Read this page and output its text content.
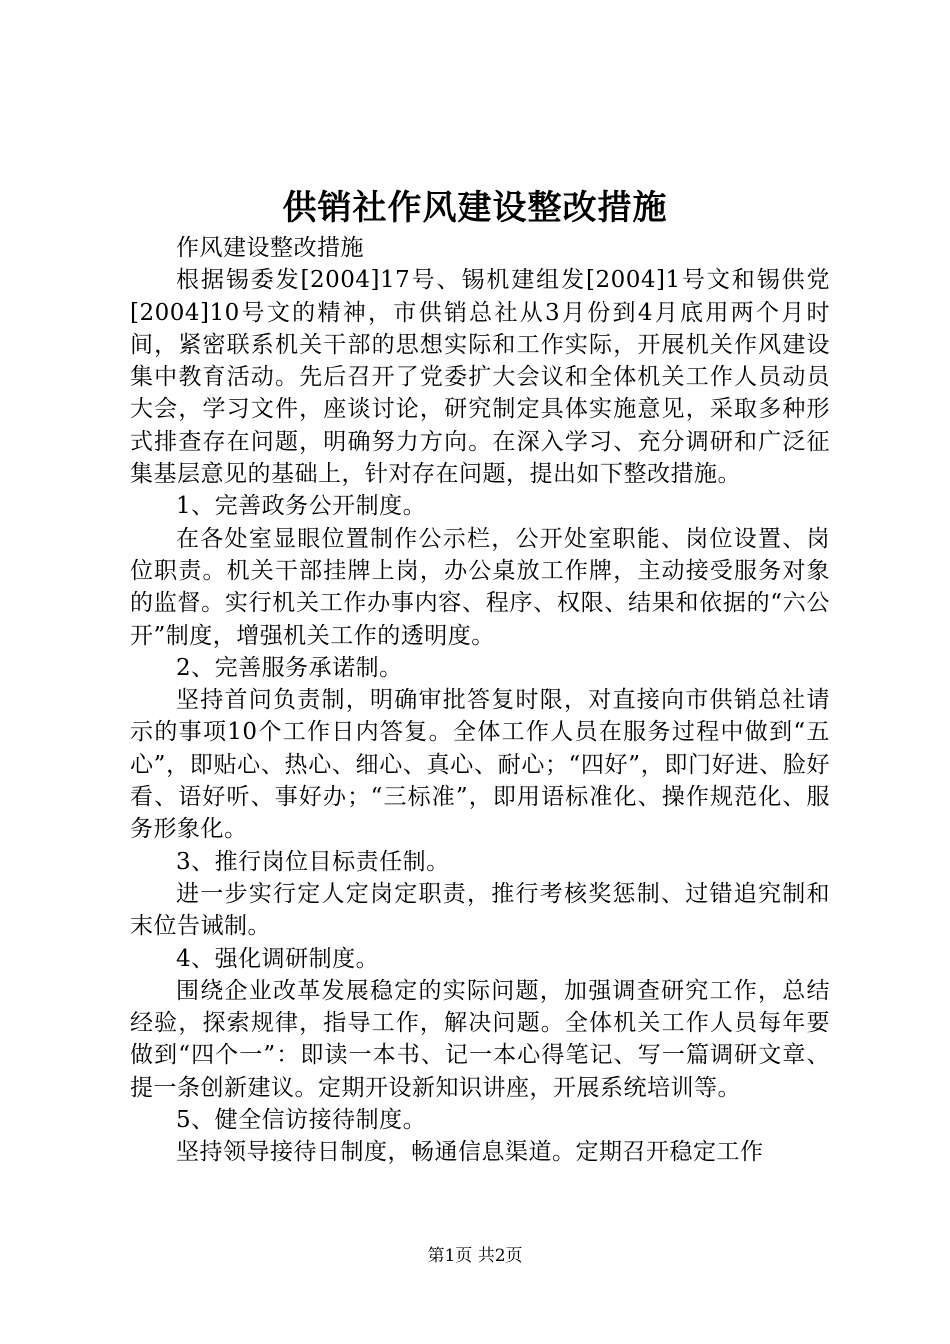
供销社作风建设整改措施

作风建设整改措施

根据锡委发[2004]17号、锡机建组发[2004]1号文和锡供党[2004]10号文的精神，市供销总社从3月份到4月底用两个月时间，紧密联系机关干部的思想实际和工作实际，开展机关作风建设集中教育活动。先后召开了党委扩大会议和全体机关工作人员动员大会，学习文件，座谈讨论，研究制定具体实施意见，采取多种形式排查存在问题，明确努力方向。在深入学习、充分调研和广泛征集基层意见的基础上，针对存在问题，提出如下整改措施。

1、完善政务公开制度。

在各处室显眼位置制作公示栏，公开处室职能、岗位设置、岗位职责。机关干部挂牌上岗，办公桌放工作牌，主动接受服务对象的监督。实行机关工作办事内容、程序、权限、结果和依据的“六公开”制度，增强机关工作的透明度。

2、完善服务承诺制。

坚持首问负责制，明确审批答复时限，对直接向市供销总社请示的事项10个工作日内答复。全体工作人员在服务过程中做到“五心”，即贴心、热心、细心、真心、耐心；“四好”，即门好进、脸好看、语好听、事好办；“三标准”，即用语标准化、操作规范化、服务形象化。

3、推行岗位目标责任制。

进一步实行定人定岗定职责，推行考核奖惩制、过错追究制和末位告诫制。

4、强化调研制度。

围绕企业改革发展稳定的实际问题，加强调查研究工作，总结经验，探索规律，指导工作，解决问题。全体机关工作人员每年要做到“四个一”：即读一本书、记一本心得笔记、写一篇调研文章、提一条创新建议。定期开设新知识讲座，开展系统培训等。

5、健全信访接待制度。

坚持领导接待日制度，畅通信息渠道。定期召开稳定工作

第1页 共2页
